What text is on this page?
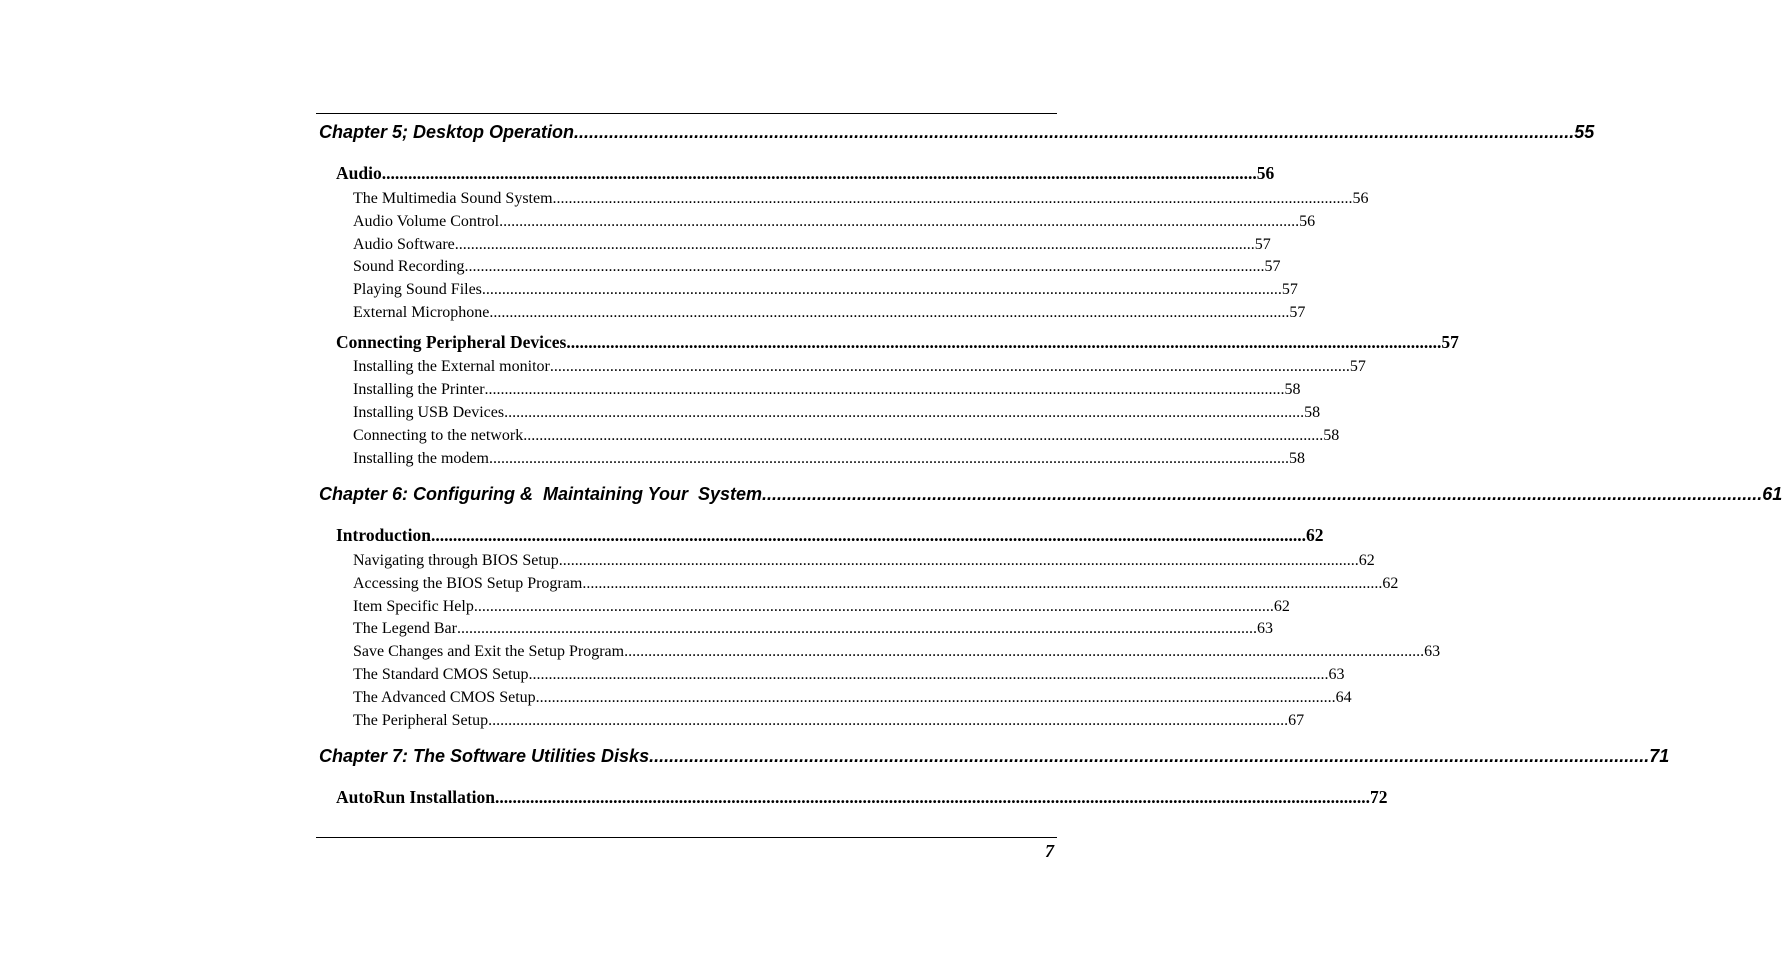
Chapter 5; Desktop Operation ........................................................................................................................................................................................................ 55
Audio ........................................................................................................................................................................................................ 56
The Multimedia Sound System ........................................................................................................................................................................................................ 56
Audio Volume Control ........................................................................................................................................................................................................ 56
Audio Software ........................................................................................................................................................................................................ 57
Sound Recording ........................................................................................................................................................................................................ 57
Playing Sound Files ........................................................................................................................................................................................................ 57
External Microphone ........................................................................................................................................................................................................ 57
Connecting Peripheral Devices ........................................................................................................................................................................................................ 57
Installing the External monitor ........................................................................................................................................................................................................ 57
Installing the Printer ........................................................................................................................................................................................................ 58
Installing USB Devices ........................................................................................................................................................................................................ 58
Connecting to the network ........................................................................................................................................................................................................ 58
Installing the modem ........................................................................................................................................................................................................ 58
Chapter 6: Configuring &  Maintaining Your  System ........................................................................................................................................................................................................ 61
Introduction ........................................................................................................................................................................................................ 62
Navigating through BIOS Setup ........................................................................................................................................................................................................ 62
Accessing the BIOS Setup Program ........................................................................................................................................................................................................ 62
Item Specific Help ........................................................................................................................................................................................................ 62
The Legend Bar ........................................................................................................................................................................................................ 63
Save Changes and Exit the Setup Program ........................................................................................................................................................................................................ 63
The Standard CMOS Setup ........................................................................................................................................................................................................ 63
The Advanced CMOS Setup ........................................................................................................................................................................................................ 64
The Peripheral Setup ........................................................................................................................................................................................................ 67
Chapter 7: The Software Utilities Disks ........................................................................................................................................................................................................ 71
AutoRun Installation ........................................................................................................................................................................................................ 72
7
